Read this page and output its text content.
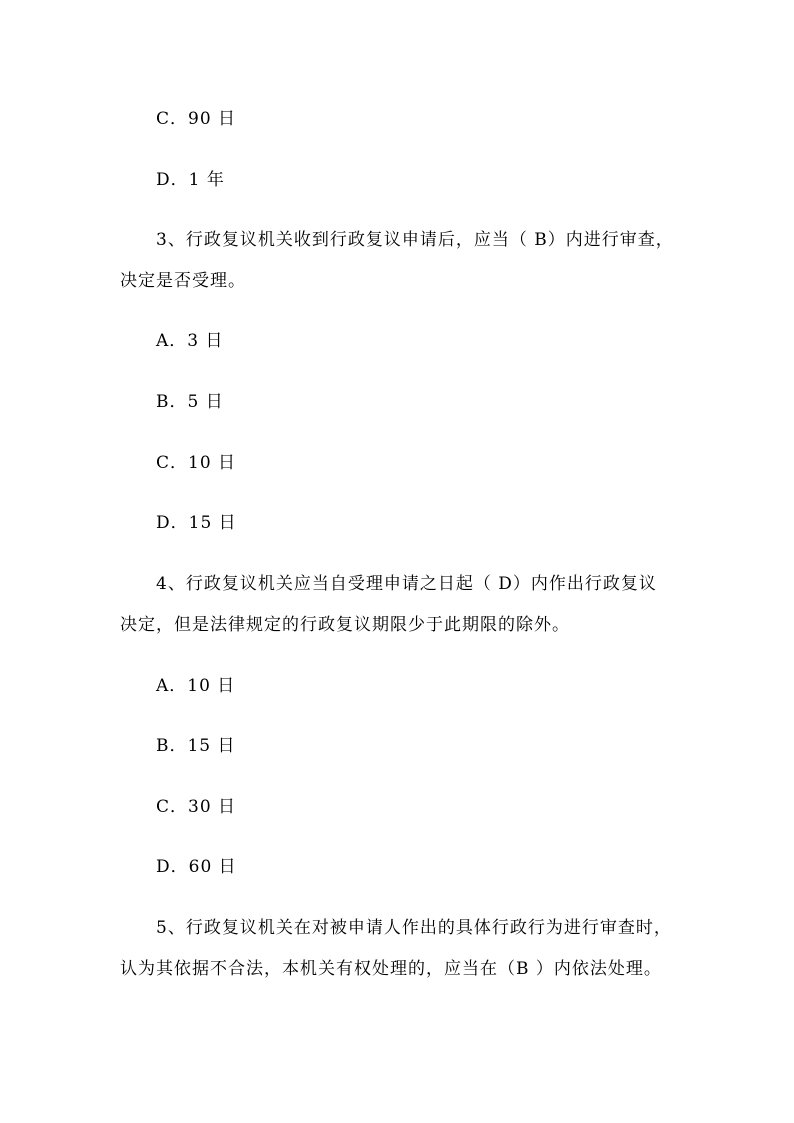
C．90 日
D．1 年
3、行政复议机关收到行政复议申请后，应当（ B）内进行审查，
决定是否受理。
A．3 日
B．5 日
C．10 日
D．15 日
4、行政复议机关应当自受理申请之日起（ D）内作出行政复议
决定，但是法律规定的行政复议期限少于此期限的除外。
A．10 日
B．15 日
C．30 日
D．60 日
5、行政复议机关在对被申请人作出的具体行政行为进行审查时，
认为其依据不合法，本机关有权处理的，应当在（B ）内依法处理。
